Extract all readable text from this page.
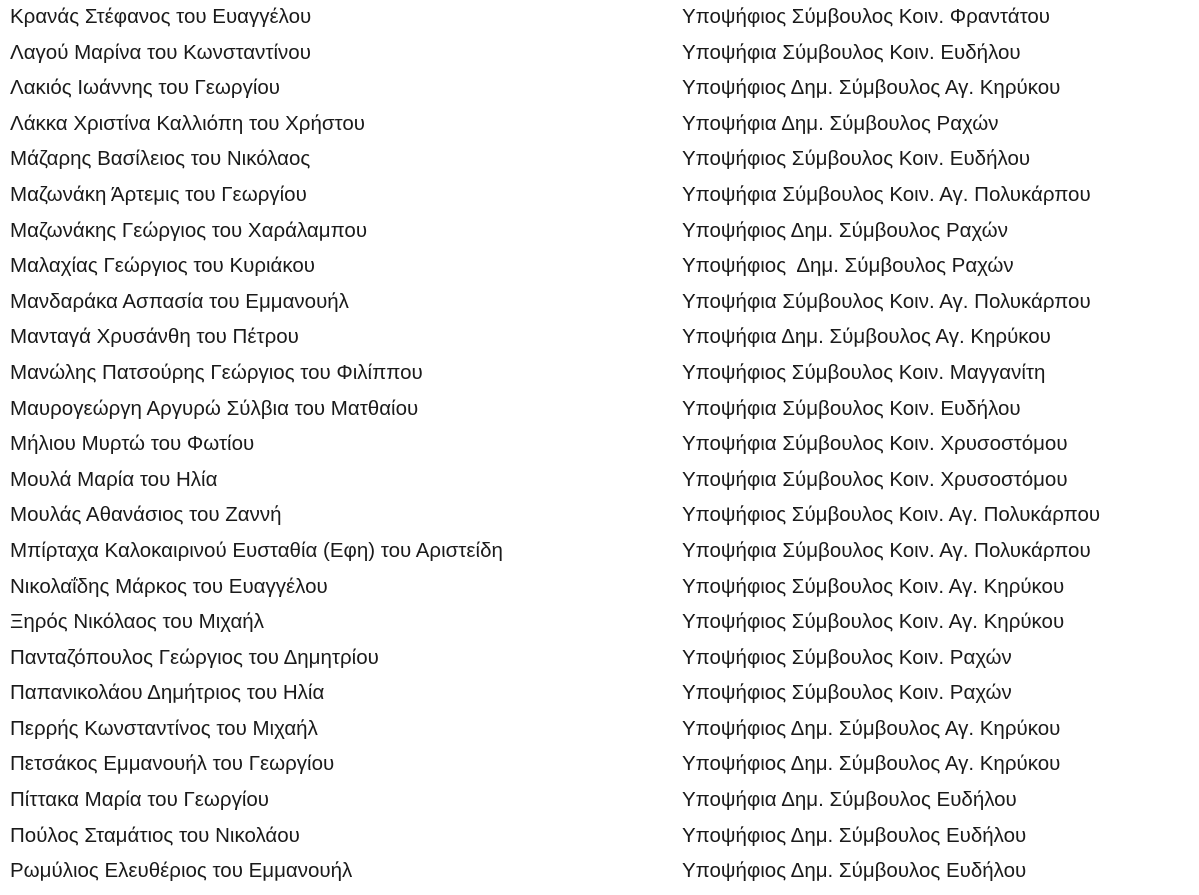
Κρανάς Στέφανος του Ευαγγέλου	Υποψήφιος Σύμβουλος Κοιν. Φραντάτου
Λαγού Μαρίνα του Κωνσταντίνου	Υποψήφια Σύμβουλος Κοιν. Ευδήλου
Λακιός Ιωάννης του Γεωργίου	Υποψήφιος Δημ. Σύμβουλος Αγ. Κηρύκου
Λάκκα Χριστίνα Καλλιόπη του Χρήστου	Υποψήφια Δημ. Σύμβουλος Ραχών
Μάζαρης Βασίλειος του Νικόλαος	Υποψήφιος Σύμβουλος Κοιν. Ευδήλου
Μαζωνάκη Άρτεμις του Γεωργίου	Υποψήφια Σύμβουλος Κοιν. Αγ. Πολυκάρπου
Μαζωνάκης Γεώργιος του Χαράλαμπου	Υποψήφιος Δημ. Σύμβουλος Ραχών
Μαλαχίας Γεώργιος του Κυριάκου	Υποψήφιος  Δημ. Σύμβουλος Ραχών
Μανδαράκα Ασπασία του Εμμανουήλ	Υποψήφια Σύμβουλος Κοιν. Αγ. Πολυκάρπου
Μανταγά Χρυσάνθη του Πέτρου	Υποψήφια Δημ. Σύμβουλος Αγ. Κηρύκου
Μανώλης Πατσούρης Γεώργιος του Φιλίππου	Υποψήφιος Σύμβουλος Κοιν. Μαγγανίτη
Μαυρογεώργη Αργυρώ Σύλβια του Ματθαίου	Υποψήφια Σύμβουλος Κοιν. Ευδήλου
Μήλιου Μυρτώ του Φωτίου	Υποψήφια Σύμβουλος Κοιν. Χρυσοστόμου
Μουλά Μαρία του Ηλία	Υποψήφια Σύμβουλος Κοιν. Χρυσοστόμου
Μουλάς Αθανάσιος του Ζαννή	Υποψήφιος Σύμβουλος Κοιν. Αγ. Πολυκάρπου
Μπίρταχα Καλοκαιρινού Ευσταθία (Εφη) του Αριστείδη	Υποψήφια Σύμβουλος Κοιν. Αγ. Πολυκάρπου
Νικολαΐδης Μάρκος του Ευαγγέλου	Υποψήφιος Σύμβουλος Κοιν. Αγ. Κηρύκου
Ξηρός Νικόλαος του Μιχαήλ	Υποψήφιος Σύμβουλος Κοιν. Αγ. Κηρύκου
Πανταζόπουλος Γεώργιος του Δημητρίου	Υποψήφιος Σύμβουλος Κοιν. Ραχών
Παπανικολάου Δημήτριος του Ηλία	Υποψήφιος Σύμβουλος Κοιν. Ραχών
Περρής Κωνσταντίνος του Μιχαήλ	Υποψήφιος Δημ. Σύμβουλος Αγ. Κηρύκου
Πετσάκος Εμμανουήλ του Γεωργίου	Υποψήφιος Δημ. Σύμβουλος Αγ. Κηρύκου
Πίττακα Μαρία του Γεωργίου	Υποψήφια Δημ. Σύμβουλος Ευδήλου
Πούλος Σταμάτιος του Νικολάου	Υποψήφιος Δημ. Σύμβουλος Ευδήλου
Ρωμύλιος Ελευθέριος του Εμμανουήλ	Υποψήφιος Δημ. Σύμβουλος Ευδήλου
